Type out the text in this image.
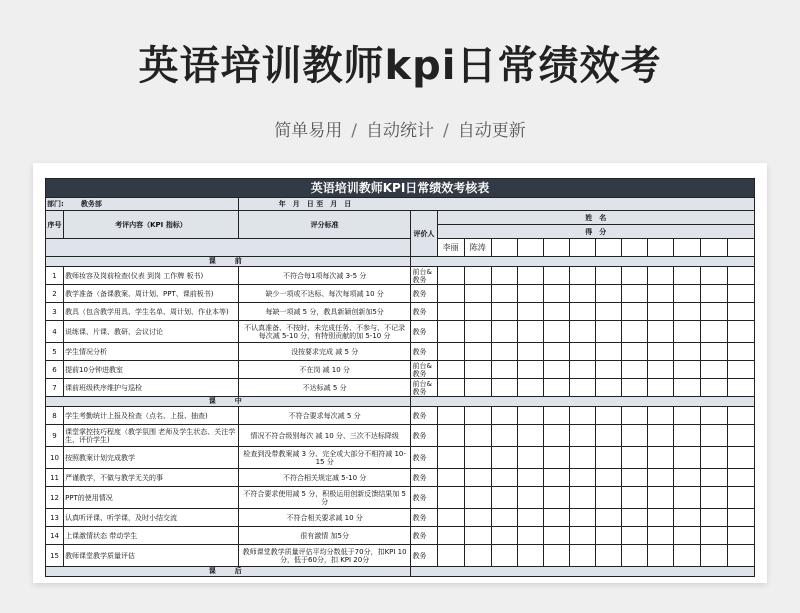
英语培训教师kpi日常绩效考
简单易用 / 自动统计 / 自动更新
英语培训教师KPI日常绩效考核表															
部门: 教务部		年　月　日 至　月　日													
序号	考评内容（KPI 指标）	评分标准	评价人	姓　名											
				得　分											
				李丽	陈涛										
课　前															
1	教师妆容及岗前检查(仪表 到岗 工作牌 板书)	不符合每1项每次减 3-5 分	前台&教务												
2	教学准备（备课教案、周计划、PPT、课前板书)	缺少一项或不达标、每次每项减 10 分	教务												
3	教具（包含教学用具、学生名单、周计划、作业本等)	每缺一项减 5 分，教具新颖创新加5分	教务												
4	说练课、片课、教研、会议讨论	不认真准备、不按时、未完成任务、不参与、不记录 每次减 5-10 分，有特别贡献的加 5-10 分	教务												
5	学生情况分析	没按要求完成 减 5 分	教务												
6	提前10分钟进教室	不在岗 减 10 分	前台&教务												
7	课前班级秩序维护与巡检	不达标减 5 分	前台&教务												
课　中															
8	学生考勤统计上报及检查（点名、上报、抽查)	不符合要求每次减 5 分	教务												
9	课堂掌控技巧程度（教学氛围 老师及学生状态、关注学生、评价学生)	情况不符合级别每次 减 10 分、三次不达标降级	教务												
10	按照教案计划完成教学	检查到没带教案减 3 分、完全或大部分不相符减 10-15 分	教务												
11	严谨教学，不做与教学无关的事	不符合相关规定减 5-10 分	教务												
12	PPT的使用情况	不符合要求使用减 5 分，积极运用创新反馈结果加 5 分	教务												
13	认真听评课、听学课，及时小结交流	不符合相关要求减 10 分	教务												
14	上课激情状态 带动学生	很有激情 加5分	教务												
15	教师课堂教学质量评估	教师课堂教学质量评估平均分数低于70分，扣KPI 10分，低于60分，扣 KPI 20分	教务												
课　后															
